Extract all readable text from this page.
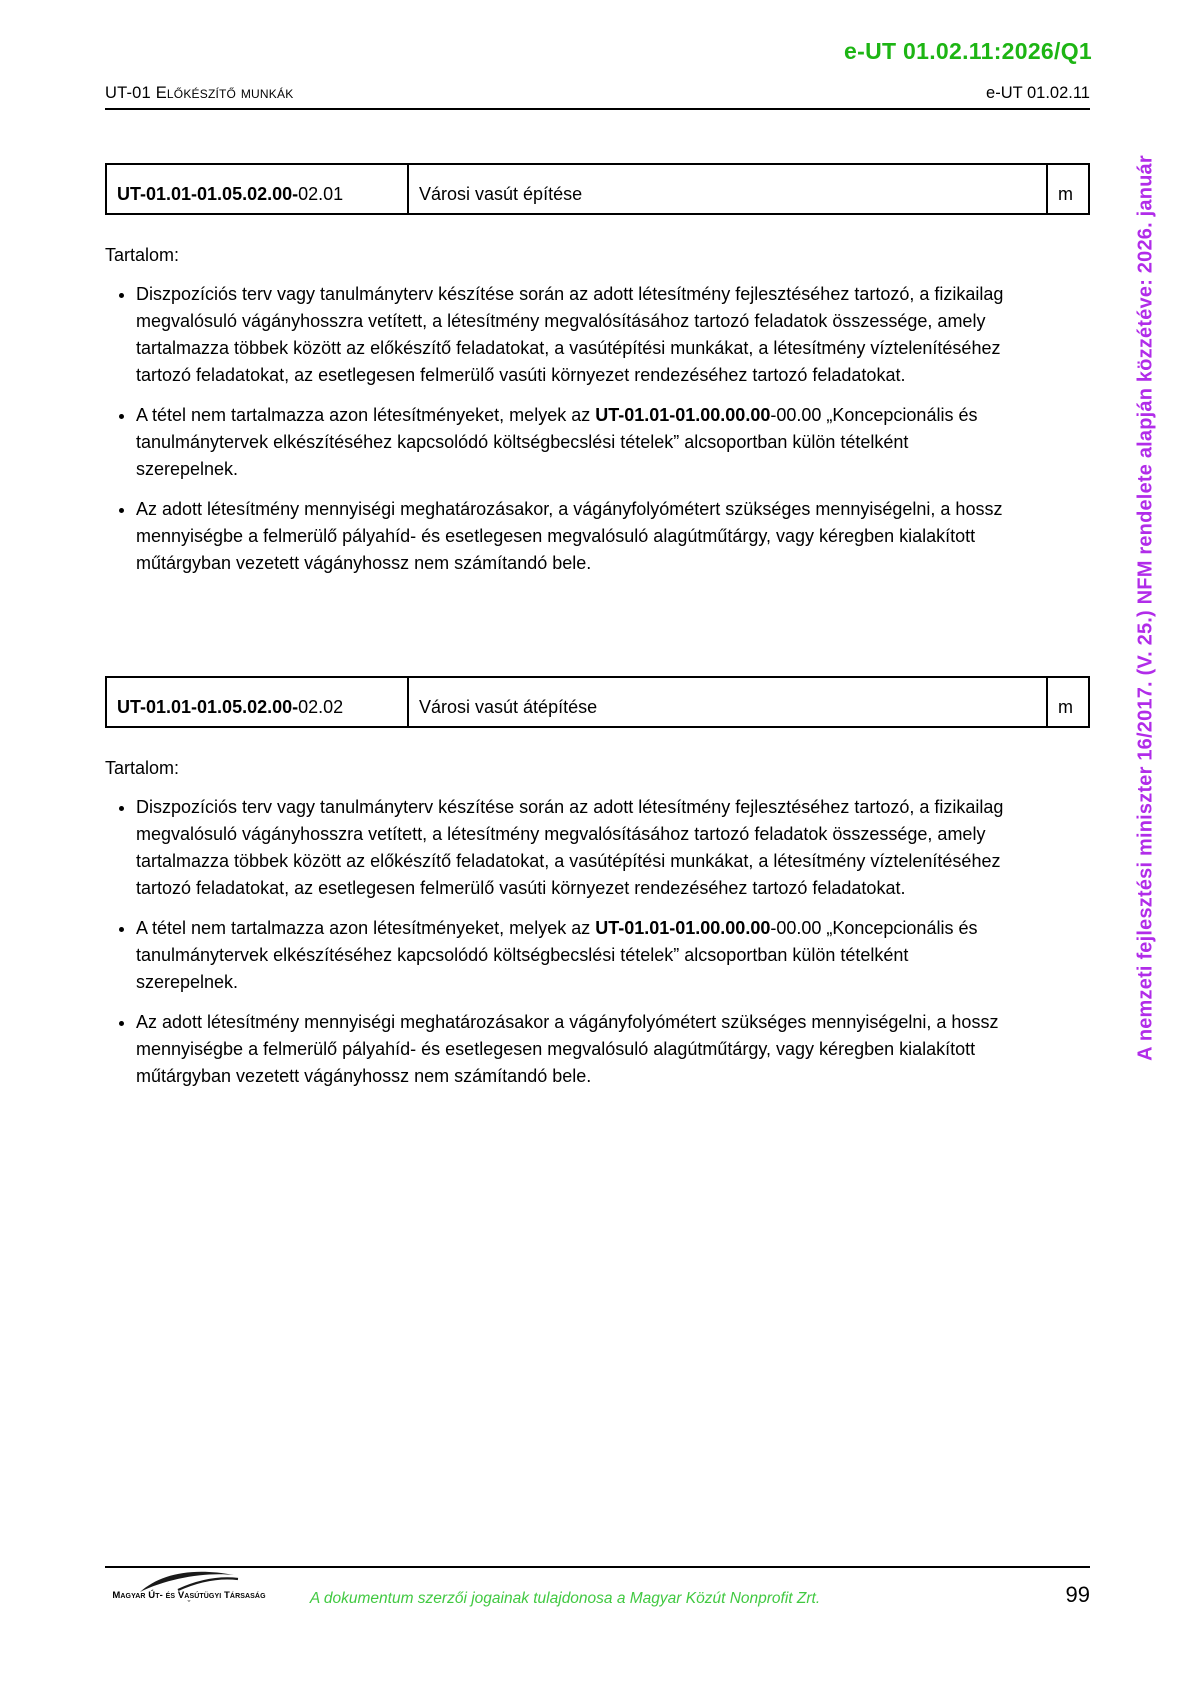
e-UT 01.02.11:2026/Q1
UT-01 Előkészítő munkák	e-UT 01.02.11
UT-01.01-01.05.02.00-02.01	Városi vasút építése	m
Tartalom:
• Diszpozíciós terv vagy tanulmányterv készítése során az adott létesítmény fejlesztéséhez tartozó, a fizikailag megvalósuló vágányhosszra vetített, a létesítmény megvalósításához tartozó feladatok összessége, amely tartalmazza többek között az előkészítő feladatokat, a vasútépítési munkákat, a létesítmény víztelenítéséhez tartozó feladatokat, az esetlegesen felmerülő vasúti környezet rendezéséhez tartozó feladatokat.
• A tétel nem tartalmazza azon létesítményeket, melyek az UT-01.01-01.00.00.00-00.00 „Koncepcionális és tanulmánytervek elkészítéséhez kapcsolódó költségbecslési tételek” alcsoportban külön tételként szerepelnek.
• Az adott létesítmény mennyiségi meghatározásakor, a vágányfolyómétert szükséges mennyiségelni, a hossz mennyiségbe a felmerülő pályahíd- és esetlegesen megvalósuló alagútműtárgy, vagy kéregben kialakított műtárgyban vezetett vágányhossz nem számítandó bele.
UT-01.01-01.05.02.00-02.02	Városi vasút átépítése	m
Tartalom:
• Diszpozíciós terv vagy tanulmányterv készítése során az adott létesítmény fejlesztéséhez tartozó, a fizikailag megvalósuló vágányhosszra vetített, a létesítmény megvalósításához tartozó feladatok összessége, amely tartalmazza többek között az előkészítő feladatokat, a vasútépítési munkákat, a létesítmény víztelenítéséhez tartozó feladatokat, az esetlegesen felmerülő vasúti környezet rendezéséhez tartozó feladatokat.
• A tétel nem tartalmazza azon létesítményeket, melyek az UT-01.01-01.00.00.00-00.00 „Koncepcionális és tanulmánytervek elkészítéséhez kapcsolódó költségbecslési tételek” alcsoportban külön tételként szerepelnek.
• Az adott létesítmény mennyiségi meghatározásakor a vágányfolyómétert szükséges mennyiségelni, a hossz mennyiségbe a felmerülő pályahíd- és esetlegesen megvalósuló alagútműtárgy, vagy kéregben kialakított műtárgyban vezetett vágányhossz nem számítandó bele.
A nemzeti fejlesztési miniszter 16/2017. (V. 25.) NFM rendelete alapján közzétéve: 2026. január
Magyar Út- és Vasútügyi Társaság
ˇ	A dokumentum szerzői jogainak tulajdonosa a Magyar Közút Nonprofit Zrt.	99
